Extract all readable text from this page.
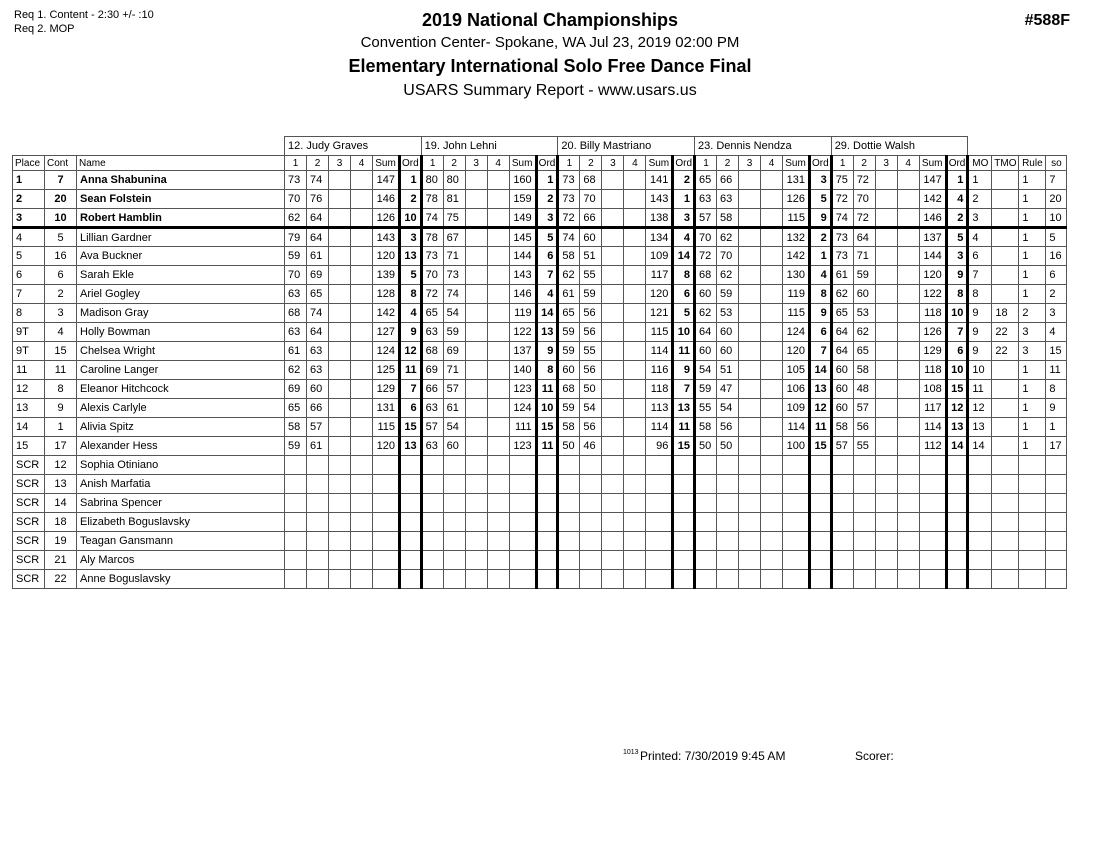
Req 1. Content - 2:30 +/- :10
Req 2. MOP	2019 National Championships
Convention Center- Spokane, WA Jul 23, 2019 02:00 PM
Elementary International Solo Free Dance Final
USARS Summary Report - www.usars.us
#588F
			12. Judy Graves						19. John Lehni						20. Billy Mastriano						23. Dennis Nendza						29. Dottie Walsh									
Place	Cont	Name	1	2	3	4	Sum	Ord	1	2	3	4	Sum	Ord	1	2	3	4	Sum	Ord	1	2	3	4	Sum	Ord	1	2	3	4	Sum	Ord	MO	TMO	Rule	so
1	7	Anna Shabunina	73	74			147	1	80	80			160	1	73	68			141	2	65	66			131	3	75	72			147	1	1		1	7
2	20	Sean Folstein	70	76			146	2	78	81			159	2	73	70			143	1	63	63			126	5	72	70			142	4	2		1	20
3	10	Robert Hamblin	62	64			126	10	74	75			149	3	72	66			138	3	57	58			115	9	74	72			146	2	3		1	10
4	5	Lillian Gardner	79	64			143	3	78	67			145	5	74	60			134	4	70	62			132	2	73	64			137	5	4		1	5
5	16	Ava Buckner	59	61			120	13	73	71			144	6	58	51			109	14	72	70			142	1	73	71			144	3	6		1	16
6	6	Sarah Ekle	70	69			139	5	70	73			143	7	62	55			117	8	68	62			130	4	61	59			120	9	7		1	6
7	2	Ariel Gogley	63	65			128	8	72	74			146	4	61	59			120	6	60	59			119	8	62	60			122	8	8		1	2
8	3	Madison Gray	68	74			142	4	65	54			119	14	65	56			121	5	62	53			115	9	65	53			118	10	9	18	2	3
9T	4	Holly Bowman	63	64			127	9	63	59			122	13	59	56			115	10	64	60			124	6	64	62			126	7	9	22	3	4
9T	15	Chelsea Wright	61	63			124	12	68	69			137	9	59	55			114	11	60	60			120	7	64	65			129	6	9	22	3	15
11	11	Caroline Langer	62	63			125	11	69	71			140	8	60	56			116	9	54	51			105	14	60	58			118	10	10		1	11
12	8	Eleanor Hitchcock	69	60			129	7	66	57			123	11	68	50			118	7	59	47			106	13	60	48			108	15	11		1	8
13	9	Alexis Carlyle	65	66			131	6	63	61			124	10	59	54			113	13	55	54			109	12	60	57			117	12	12		1	9
14	1	Alivia Spitz	58	57			115	15	57	54			111	15	58	56			114	11	58	56			114	11	58	56			114	13	13		1	1
15	17	Alexander Hess	59	61			120	13	63	60			123	11	50	46			96	15	50	50			100	15	57	55			112	14	14		1	17
SCR	12	Sophia Otiniano																																		
SCR	13	Anish Marfatia																																		
SCR	14	Sabrina Spencer																																		
SCR	18	Elizabeth Boguslavsky																																		
SCR	19	Teagan Gansmann																																		
SCR	21	Aly Marcos																																		
SCR	22	Anne Boguslavsky																																		
1013 Printed: 7/30/2019 9:45 AM	Scorer:
